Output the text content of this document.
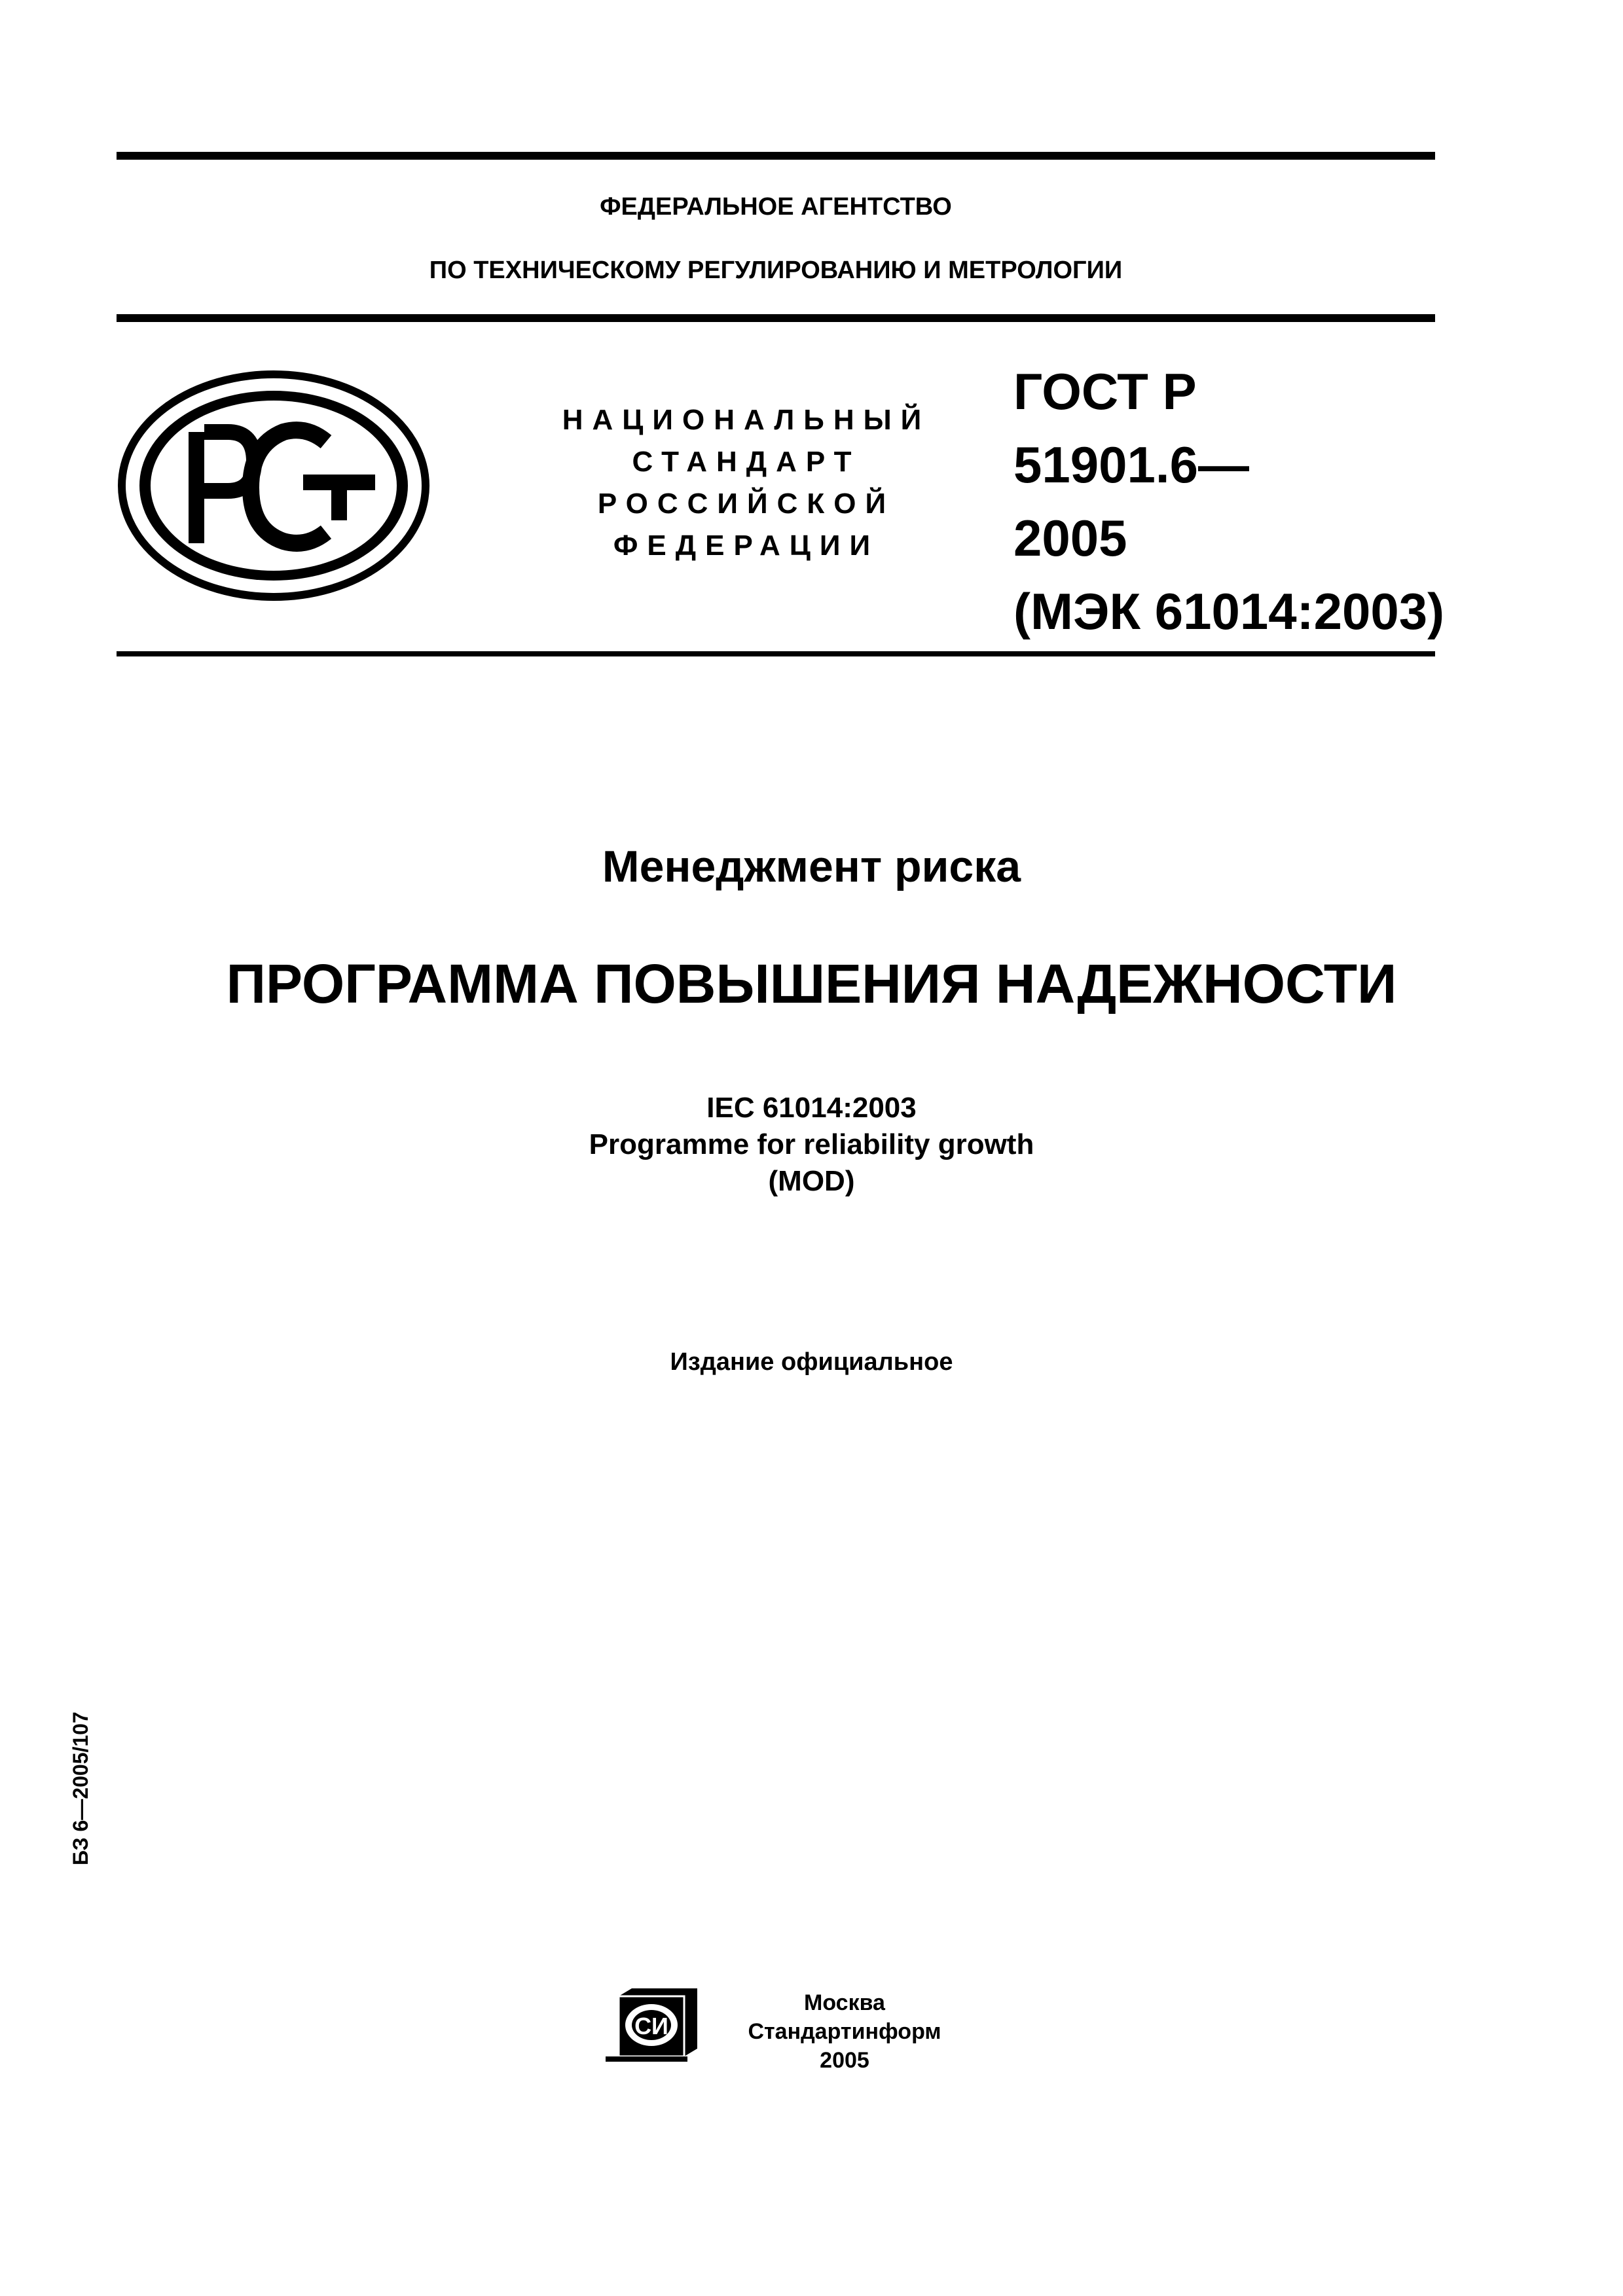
ФЕДЕРАЛЬНОЕ АГЕНТСТВО
ПО ТЕХНИЧЕСКОМУ РЕГУЛИРОВАНИЮ И МЕТРОЛОГИИ
НАЦИОНАЛЬНЫЙ
СТАНДАРТ
РОССИЙСКОЙ
ФЕДЕРАЦИИ
ГОСТ Р
51901.6—
2005
(МЭК 61014:2003)
Менеджмент риска
ПРОГРАММА ПОВЫШЕНИЯ НАДЕЖНОСТИ
IEC 61014:2003
Programme for reliability growth
(MOD)
Издание официальное
БЗ 6—2005/107
СИ
Москва
Стандартинформ
2005
